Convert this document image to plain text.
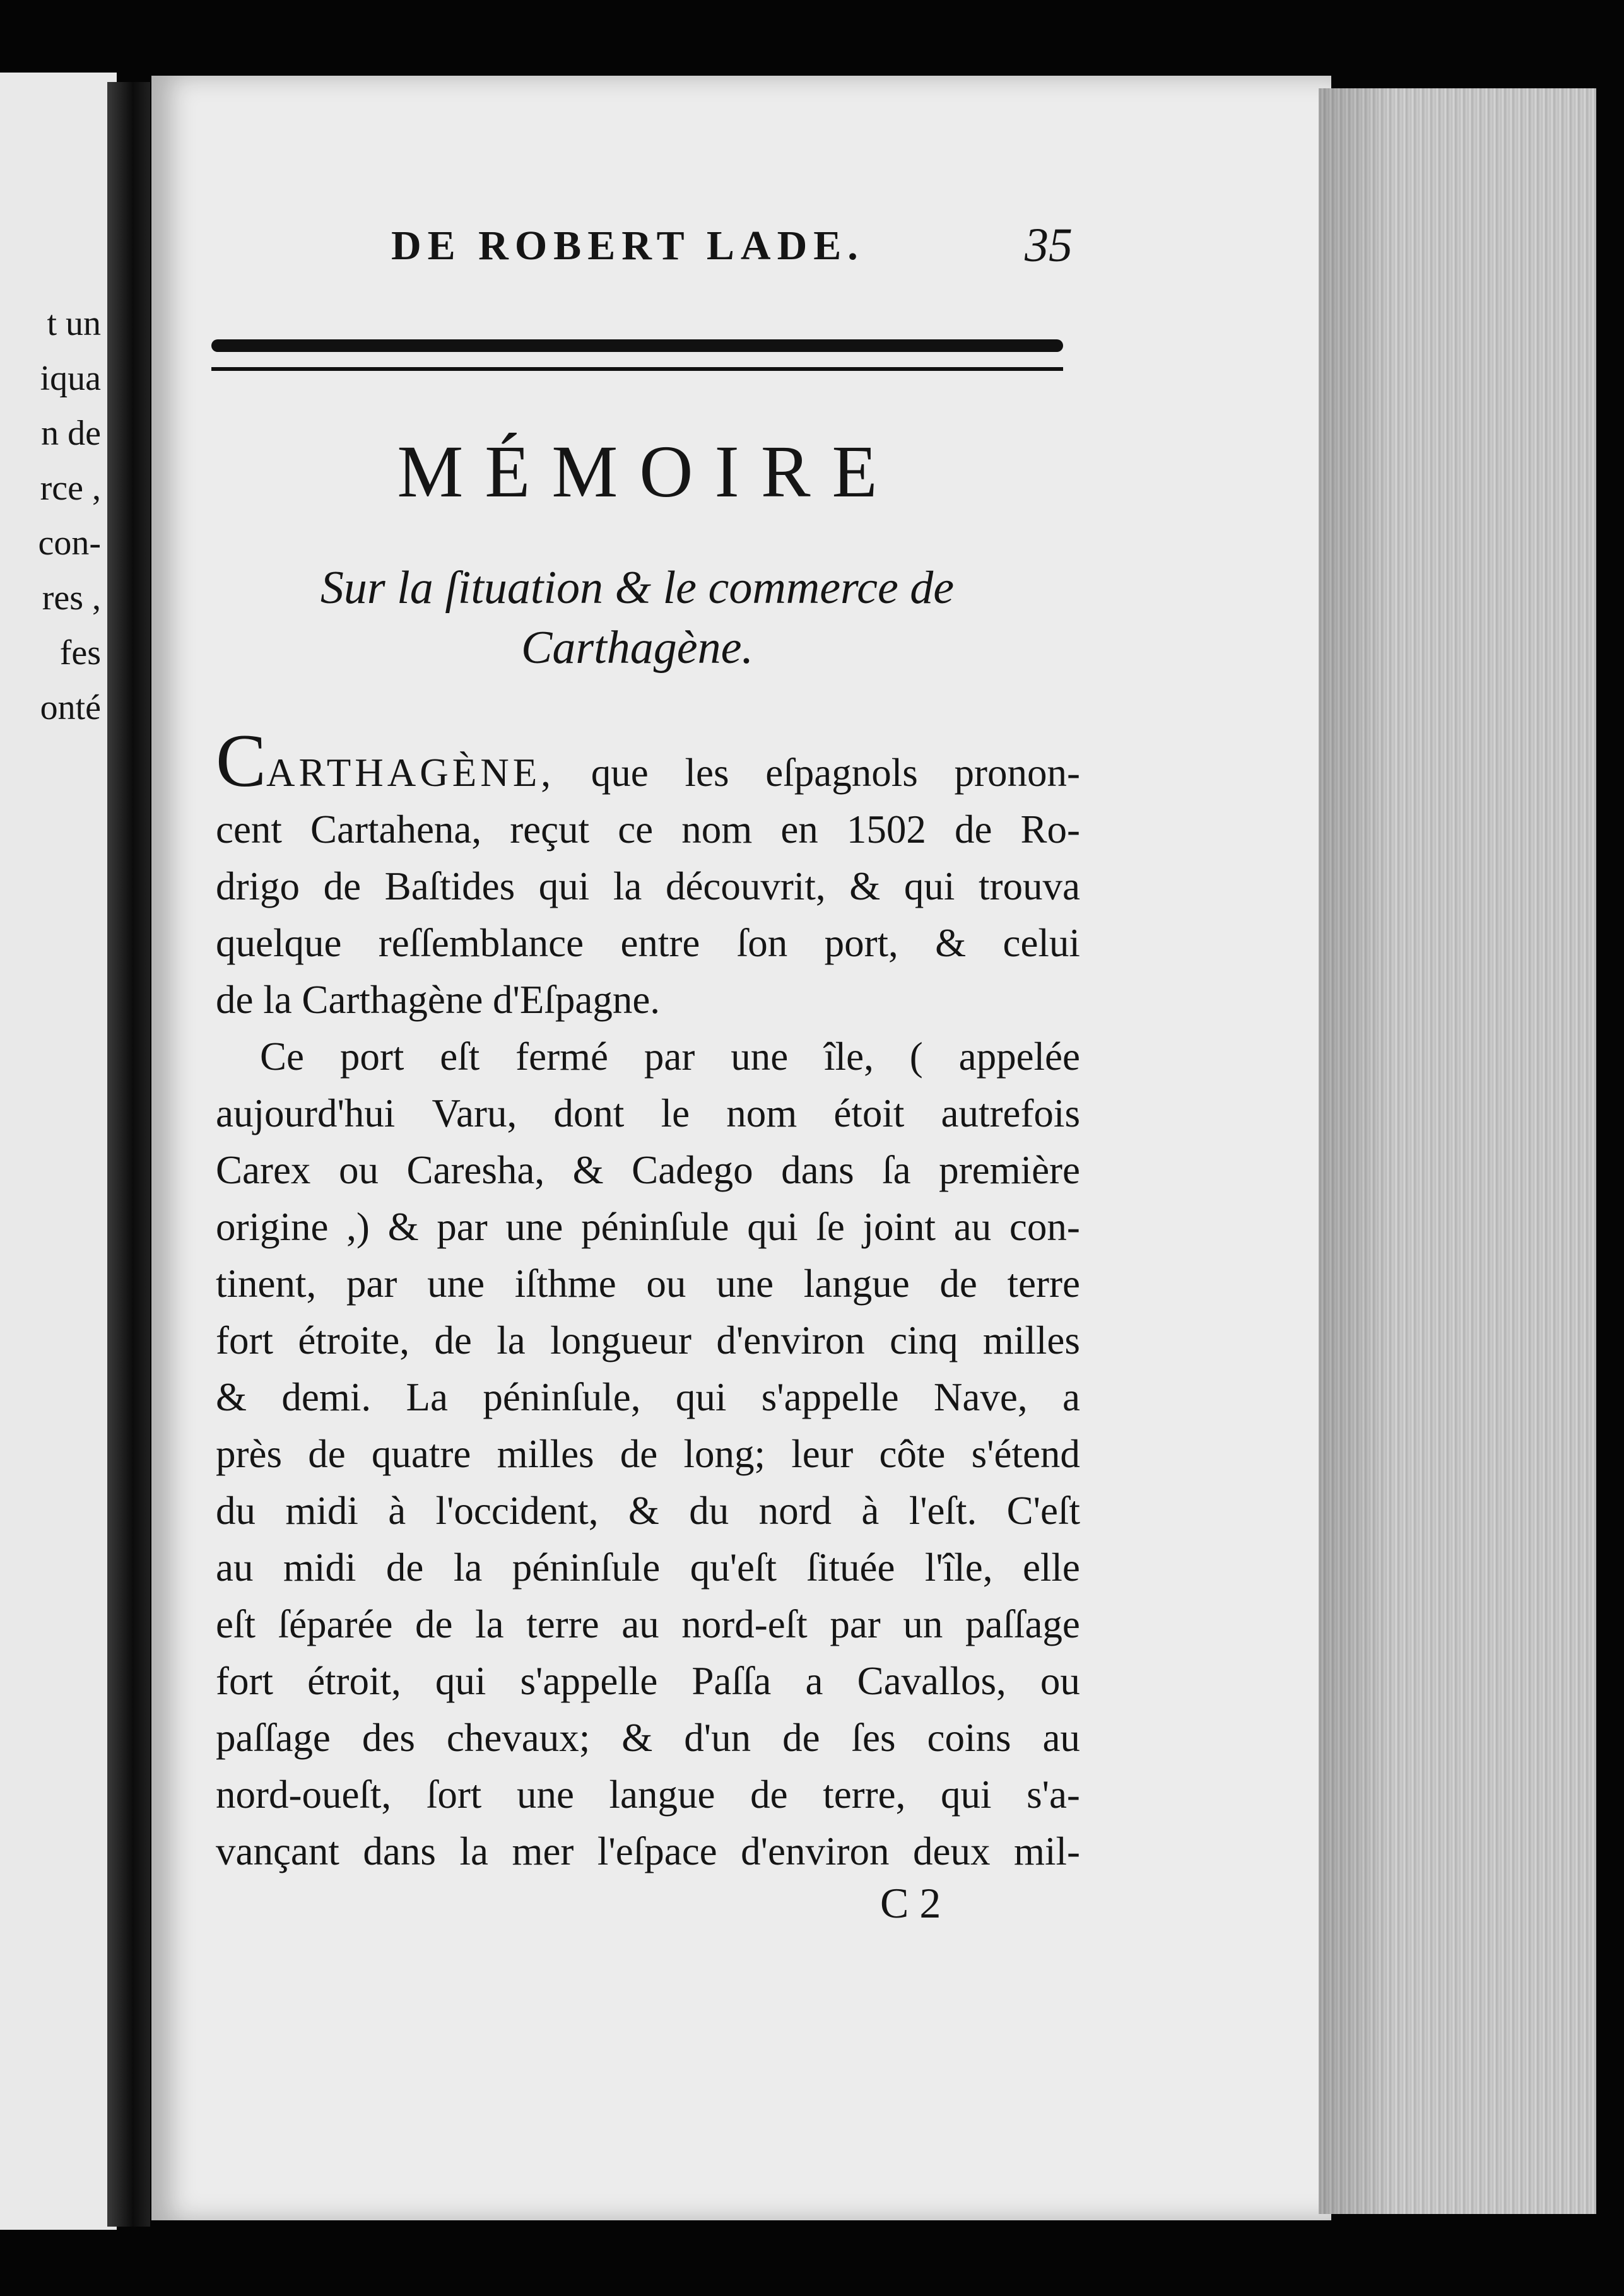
t un
iqua
n de
rce ,
con-
res ,
fes
onté
DE ROBERT LADE.	35
MÉMOIRE
Sur la ſituation & le commerce de
Carthagène.
CARTHAGÈNE, que les eſpagnols pronon-
cent Cartahena, reçut ce nom en 1502 de Ro-
drigo de Baſtides qui la découvrit, & qui trouva
quelque reſſemblance entre ſon port, & celui
de la Carthagène d'Eſpagne.
Ce port eſt fermé par une île, ( appelée
aujourd'hui Varu, dont le nom étoit autrefois
Carex ou Caresha, & Cadego dans ſa première
origine ,) & par une péninſule qui ſe joint au con-
tinent, par une iſthme ou une langue de terre
fort étroite, de la longueur d'environ cinq milles
& demi. La péninſule, qui s'appelle Nave, a
près de quatre milles de long; leur côte s'étend
du midi à l'occident, & du nord à l'eſt. C'eſt
au midi de la péninſule qu'eſt ſituée l'île, elle
eſt ſéparée de la terre au nord-eſt par un paſſage
fort étroit, qui s'appelle Paſſa a Cavallos, ou
paſſage des chevaux; & d'un de ſes coins au
nord-oueſt, ſort une langue de terre, qui s'a-
vançant dans la mer l'eſpace d'environ deux mil-
C 2
